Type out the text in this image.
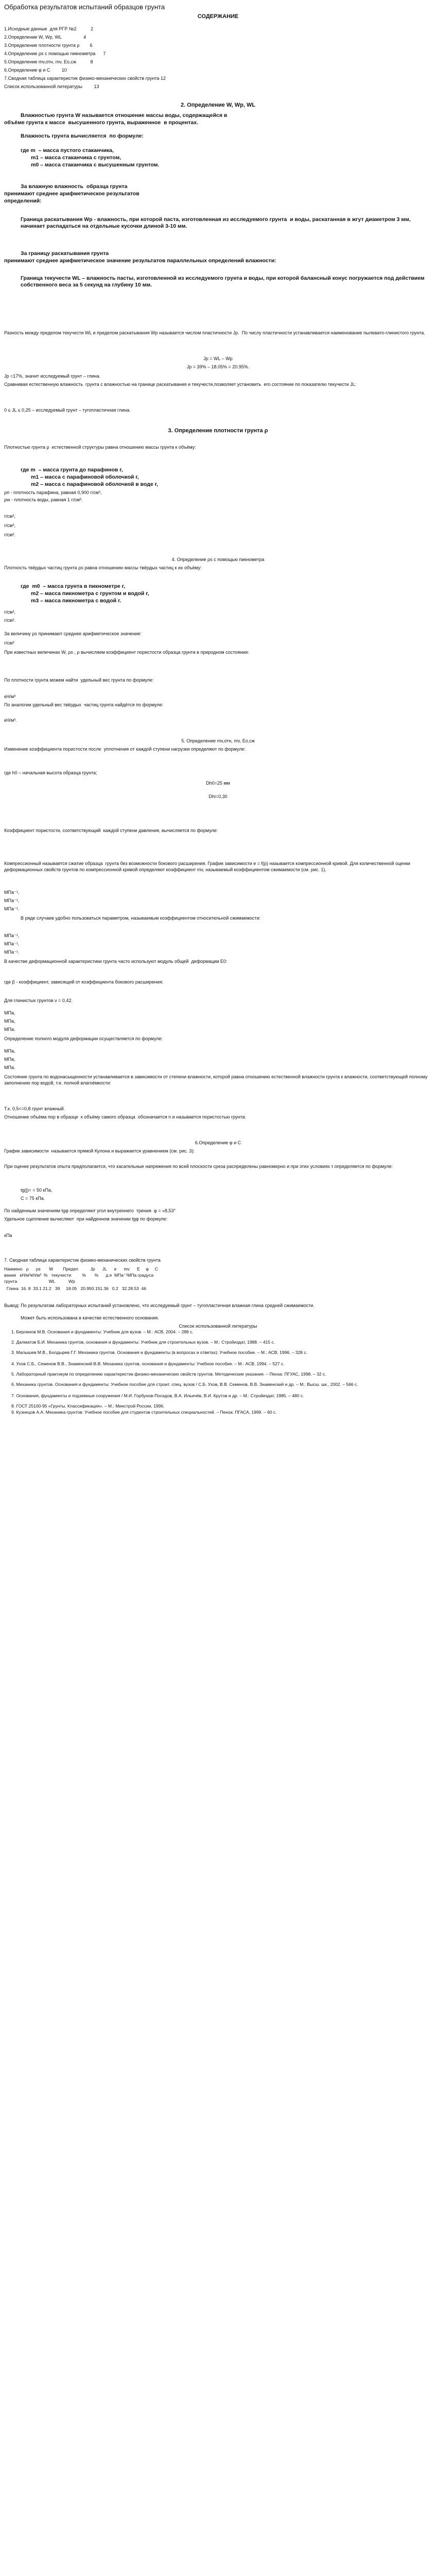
Обработка результатов испытаний образцов грунта
СОДЕРЖАНИЕ
1.Исходные данные  для РГР №2           2
2.Определение W, Wp, WL                 4
3.Определение плотности грунта ρ        6
4.Определение ρs с помощью пикнометра      7
5.Определение mv,отн, mv, Eo,cж           8
6.Определение φ и C         10
7.Сводная таблица характеристик физико-механических свойств грунта 12
Список использованной литературы         13
2. Определение W, Wp, WL
Влажностью грунта W называется отношение массы воды, содержащейся в
объёме грунта к массе  высушенного грунта, выраженное  в процентах.
Влажность грунта вычисляется  по формуле:
где m  – масса пустого стаканчика,
m1 – масса стаканчика с грунтом,
m0 – масса стаканчика с высушенным грунтом.
За влажную влажность  образца грунта
принимают среднее арифметическое результатов
определений:
Граница раскатывания Wp - влажность, при которой паста, изготовленная из исследуемого грунта  и воды, раскатанная в жгут диаметром 3 мм, начинает распадаться на отдельные кусочки длиной 3-10 мм.
За границу раскатывания грунта
принимают среднее арифметическое значение результатов параллельных определений влажности:
Граница текучести WL – влажность пасты, изготовленной из исследуемого грунта и воды, при которой балансный конус погружается под действием собственного веса за 5 секунд на глубину 10 мм.
Разность между пределом текучести WL и пределом раскатывания Wp называется числом пластичности Jp.  По числу пластичности устанавливается наименование пылевато-глинистого грунта.
Jp = WL – Wp
Jp = 39% – 18.05% = 20.95%.
Jp =17%, значит исследуемый грунт – глина.
Сравнивая естественную влажность  грунта с влажностью на границе раскатывания и текучести,позволяет установить  его состояние по показателю текучести JL:
0 ≤ JL ≤ 0,25 – исследуемый грунт – тугопластичная глина.
3. Определение плотности грунта ρ
Плотностью грунта ρ  естественной структуры равна отношению массы грунта к объёму:
где m  – масса грунта до парафинов г,
m1 – масса с парафиновой оболочкой г,
m2 – масса с парафиновой оболочкой в воде г,
ρп - плотность парафина, равная 0,900 г/см³,
ρw - плотность воды, равная 1 г/см³.
г/см³,
г/см³,
г/см³.
4. Определение ρs с помощью пикнометра
Плотность твёрдых частиц грунта ρs равна отношению массы твёрдых частиц к их объёму:
где  m0  – масса грунта в пикнометре г,
m2 – масса пикнометра с грунтом и водой г,
m3 – масса пикнометра с водой г.
г/см³,
г/см³.
За величину ρs принимают среднее арифметическое значение:
г/см³
При известных величинах W, ρs , ρ вычисляем коэффициент пористости образца грунта в природном состоянии:
По плотности грунта можем найти  удельный вес грунта по формуле:
кН/м³
По аналогии удельный вес твёрдых  частиц грунта найдётся по формуле:
кН/м³.
5. Определение mv,отн, mv, Eo,cж
Изменение коэффициента пористости после  уплотнения от каждой ступени нагрузки определяют по формуле:
где h0 – начальная высота образца грунта;
Dh0=25 мм
Dhi=0,30
Коэффициент пористости, соответствующий  каждой ступени давления, вычисляется по формуле:
Компрессионный называется сжатие образца  грунта без возможности бокового расширения. График зависимости e = f(p) называется компрессионной кривой. Для количественной оценки деформационных свойств грунтов по компрессионной кривой определяют коэффициент mv, называемый коэффициентом сжимаемости (см. рис. 1).
МПа⁻¹,
МПа⁻¹,
МПа⁻¹.
В ряде случаев удобно пользоваться параметром, называемым коэффициентом относительной сжимаемости:
МПа⁻¹,
МПа⁻¹,
МПа⁻¹.
В качестве деформационной характеристики грунта часто используют модуль общей  деформации E0:
где β - коэффициент, зависящий от коэффициента бокового расширения;
Для глинистых грунтов ν = 0,42.
МПа,
МПа,
МПа.
Определение полного модуля деформации осуществляется по формуле:
МПа,
МПа,
МПа.
Состояние грунта по водонасыщенности устанавливается в зависимости от степени влажности, которой равна отношению естественной влажности грунта к влажности, соответствующей полному заполнению пор водой, т.е. полной влагоёмкости:
Т.к. 0,5<=0,8 грунт влажный.
Отношение объёма пор в образце  к объёму самого образца  обозначается n и называется пористостью грунта:
6.Определение φ и С
График зависимости  называется прямой Кулона и выражается уравнением (см. рис. 3):
При оценке результатов опыта предполагается, что касательные напряжения по всей плоскости среза распределены равномерно и при этих условиях τ определяется по формуле:
tg(j)= = 50 кПа,
C = 75 кПа.
По найденным значениям tgφ определяют угол внутреннего  трения  φ = «8,53°
Удельное сцепление вычисляют  при найденном значении tgφ по формуле:
кПа
7. Сводная таблица характеристик физико-механических свойств грунта
Наимено   ρ      ρs       W        Предел          Jp      JL      e      mv      E     φ     C
вание   кН/м³кН/м³  %   текучести         %       %      д.е  МПа⁻¹МПа градуса
грунта                          WL           Wp
Глина  16. 8  33.1 21.2   39     18.05   20.950.151.36   0.2   32.28.53  46
Вывод: По результатам лабораторных испытаний установлено, что исследуемый грунт – тугопластичная влажная глина средней сжимаемости.
Может быть использована в качестве естественного основания.
Список использованной литературы
1. Берлинов М.В. Основания и фундаменты: Учебник для вузов. – М.: АСВ, 2004. – 288 с.
2. Далматов Б.И. Механика грунтов, основания и фундаменты: Учебник для строительных вузов. – М.: Стройиздат, 1988. – 415 с.
3. Малышев М.В., Болдырев Г.Г. Механика грунтов. Основания и фундаменты (в вопросах и ответах): Учебное пособие. – М.: АСВ, 1996. – 328 с.
4. Ухов С.Б., Семенов В.В., Знаменский В.В. Механика грунтов, основания и фундаменты: Учебное пособие. – М.: АСВ, 1994. – 527 с.
5. Лабораторный практикум по определению характеристик физико-механических свойств грунтов. Методические указания. – Пенза: ПГУАС, 1998. – 32 с.
6. Механика грунтов. Основания и фундаменты: Учебное пособие для строит. спец. вузов / С.Б. Ухов, В.В. Семенов, В.В. Знаменский и др. – М.: Высш. шк., 2002. – 566 с.
7. Основания, фундаменты и подземные сооружения / М.И. Горбунов-Посадов, В.А. Ильичёв, В.И. Крутов и др. – М.: Стройиздат, 1985. – 480 с.
8. ГОСТ 25100-95 «Грунты. Классификация». – М.: Минстрой России, 1996.
9. Кузнецов А.А. Механика грунтов: Учебное пособие для студентов строительных специальностей. – Пенза: ПГАСА, 1999. – 60 с.
